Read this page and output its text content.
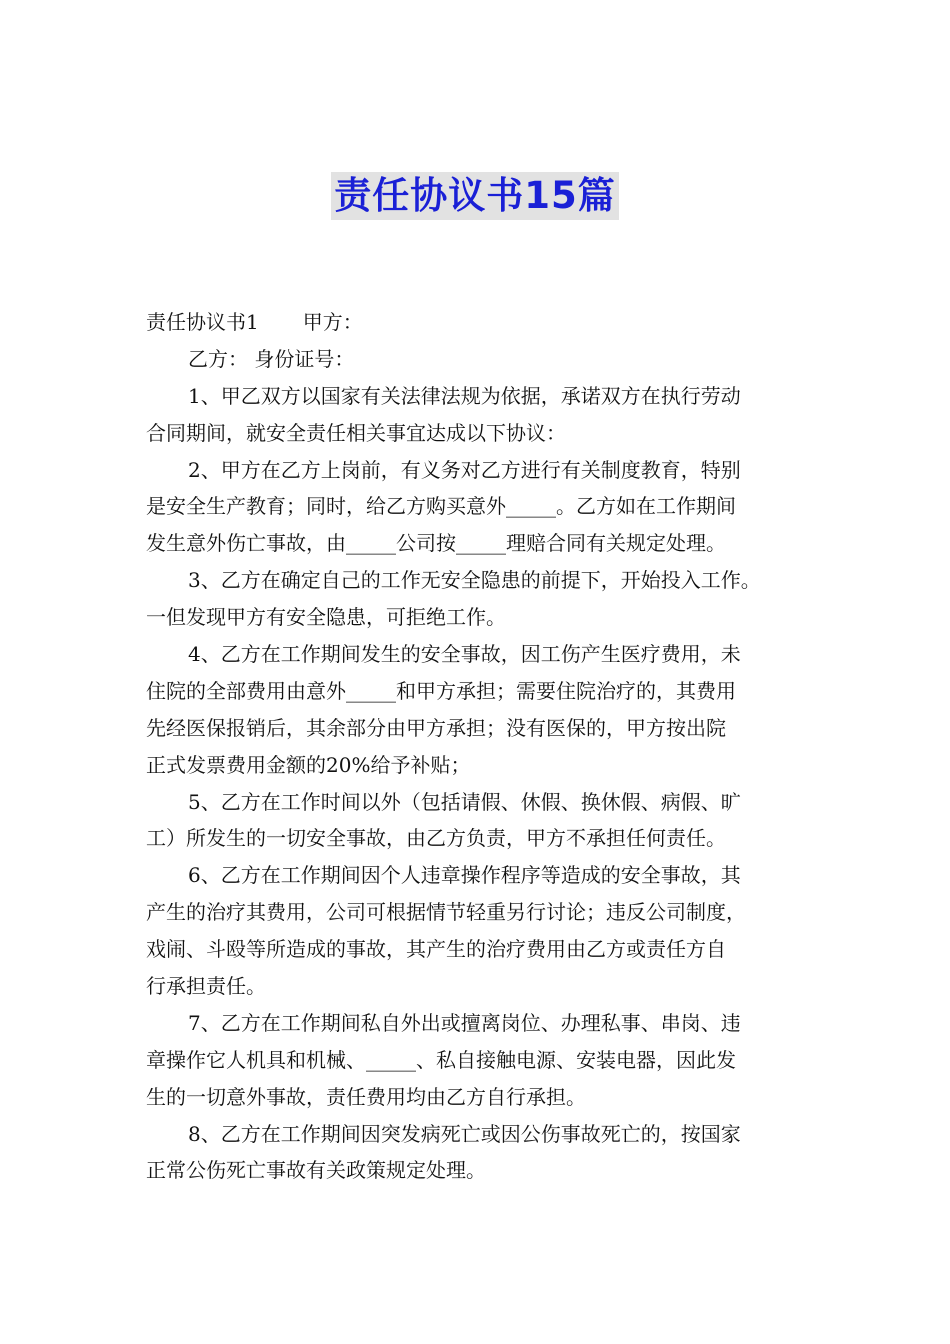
责任协议书15篇
责任协议书1 甲方：
乙方： 身份证号：
1、甲乙双方以国家有关法律法规为依据，承诺双方在执行劳动
合同期间，就安全责任相关事宜达成以下协议：
2、甲方在乙方上岗前，有义务对乙方进行有关制度教育，特别
是安全生产教育；同时，给乙方购买意外_____。乙方如在工作期间
发生意外伤亡事故，由_____公司按_____理赔合同有关规定处理。
3、乙方在确定自己的工作无安全隐患的前提下，开始投入工作。
一但发现甲方有安全隐患，可拒绝工作。
4、乙方在工作期间发生的安全事故，因工伤产生医疗费用，未
住院的全部费用由意外_____和甲方承担；需要住院治疗的，其费用
先经医保报销后，其余部分由甲方承担；没有医保的，甲方按出院
正式发票费用金额的20%给予补贴；
5、乙方在工作时间以外（包括请假、休假、换休假、病假、旷
工）所发生的一切安全事故，由乙方负责，甲方不承担任何责任。
6、乙方在工作期间因个人违章操作程序等造成的安全事故，其
产生的治疗其费用，公司可根据情节轻重另行讨论；违反公司制度，
戏闹、斗殴等所造成的事故，其产生的治疗费用由乙方或责任方自
行承担责任。
7、乙方在工作期间私自外出或擅离岗位、办理私事、串岗、违
章操作它人机具和机械、_____、私自接触电源、安装电器，因此发
生的一切意外事故，责任费用均由乙方自行承担。
8、乙方在工作期间因突发病死亡或因公伤事故死亡的，按国家
正常公伤死亡事故有关政策规定处理。
